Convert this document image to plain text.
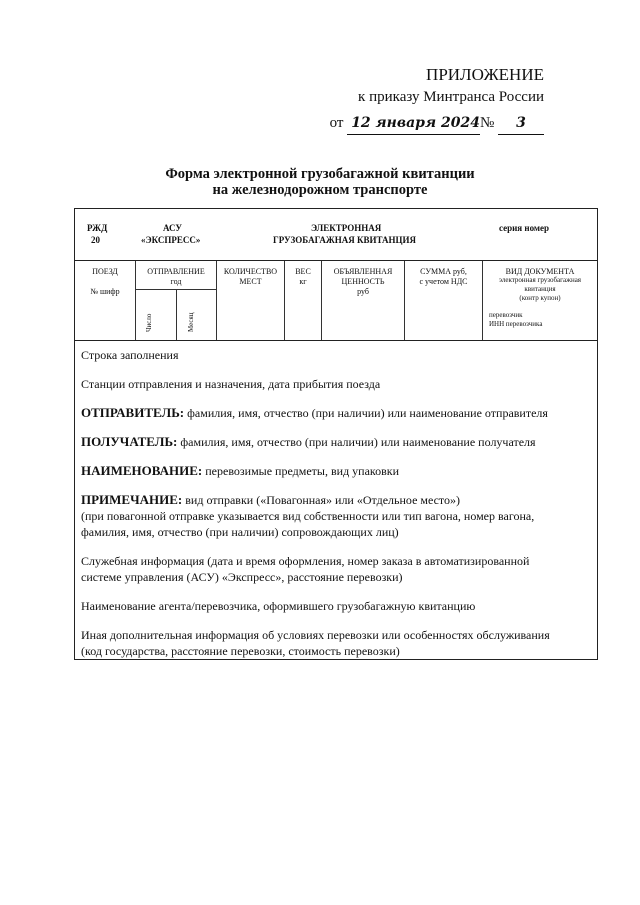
ПРИЛОЖЕНИЕ
к приказу Минтранса России
от 12 января 2024№ 3
Форма электронной грузобагажной квитанции
на железнодорожном транспорте
РЖД
20
АСУ
«ЭКСПРЕСС»
ЭЛЕКТРОННАЯ
ГРУЗОБАГАЖНАЯ КВИТАНЦИЯ
серия номер
ПОЕЗД
№ шифр
ОТПРАВЛЕНИЕ
год
Число	Месяц
КОЛИЧЕСТВО
МЕСТ
ВЕС
кг
ОБЪЯВЛЕННАЯ
ЦЕННОСТЬ
руб
СУММА руб,
с учетом НДС
ВИД ДОКУМЕНТА
электронная грузобагажная
квитанция
(контр купон)
перевозчик
ИНН перевозчика

Строка заполнения

Станции отправления и назначения, дата прибытия поезда

ОТПРАВИТЕЛЬ: фамилия, имя, отчество (при наличии) или наименование отправителя

ПОЛУЧАТЕЛЬ: фамилия, имя, отчество (при наличии) или наименование получателя

НАИМЕНОВАНИЕ: перевозимые предметы, вид упаковки

ПРИМЕЧАНИЕ: вид отправки («Повагонная» или «Отдельное место»)
(при повагонной отправке указывается вид собственности или тип вагона, номер вагона,
фамилия, имя, отчество (при наличии) сопровождающих лиц)

Служебная информация (дата и время оформления, номер заказа в автоматизированной
системе управления (АСУ) «Экспресс», расстояние перевозки)

Наименование агента/перевозчика, оформившего грузобагажную квитанцию

Иная дополнительная информация об условиях перевозки или особенностях обслуживания
(код государства, расстояние перевозки, стоимость перевозки)
